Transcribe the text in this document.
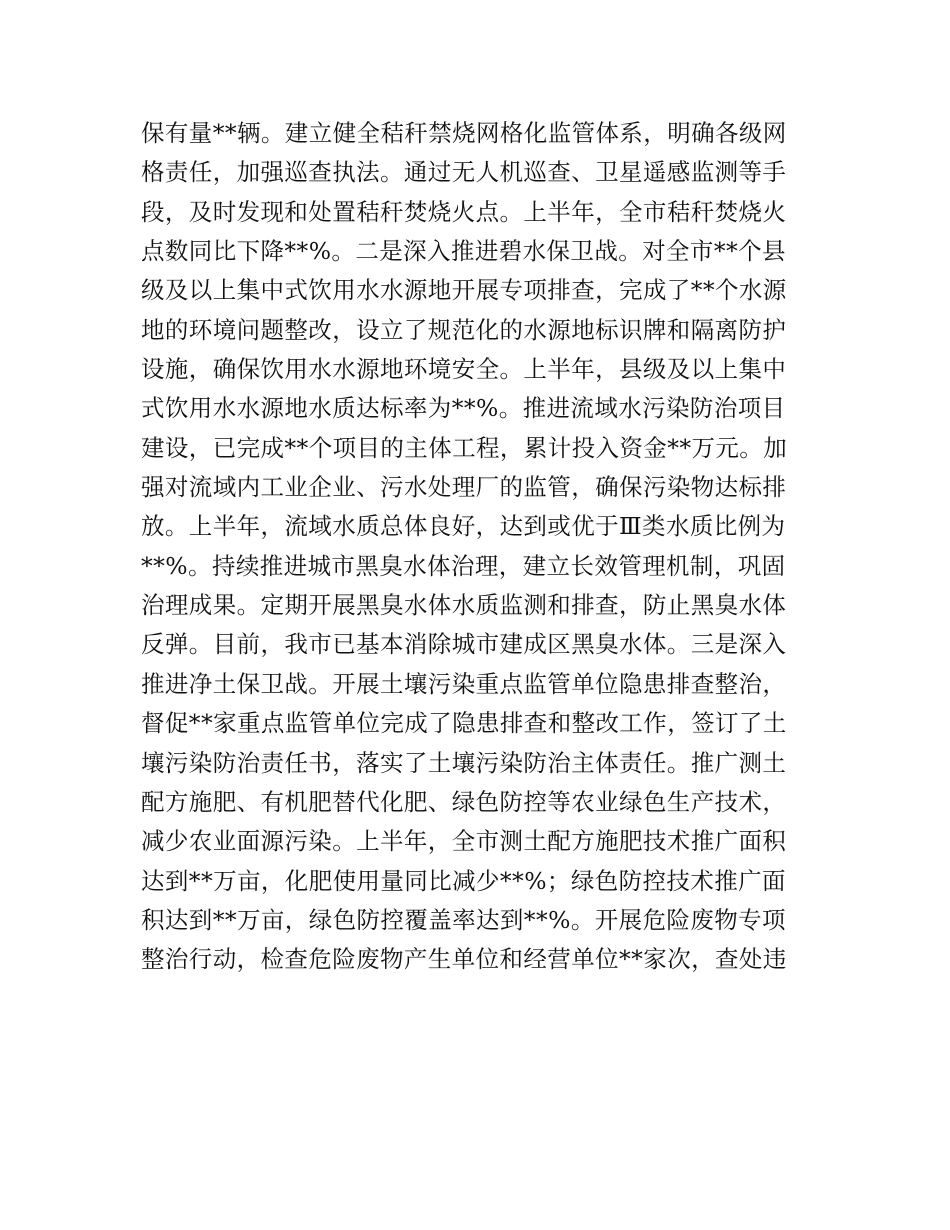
保有量**辆。建立健全秸秆禁烧网格化监管体系，明确各级网
格责任，加强巡查执法。通过无人机巡查、卫星遥感监测等手
段，及时发现和处置秸秆焚烧火点。上半年，全市秸秆焚烧火
点数同比下降**%。二是深入推进碧水保卫战。对全市**个县
级及以上集中式饮用水水源地开展专项排查，完成了**个水源
地的环境问题整改，设立了规范化的水源地标识牌和隔离防护
设施，确保饮用水水源地环境安全。上半年，县级及以上集中
式饮用水水源地水质达标率为**%。推进流域水污染防治项目
建设，已完成**个项目的主体工程，累计投入资金**万元。加
强对流域内工业企业、污水处理厂的监管，确保污染物达标排
放。上半年，流域水质总体良好，达到或优于Ⅲ类水质比例为
**%。持续推进城市黑臭水体治理，建立长效管理机制，巩固
治理成果。定期开展黑臭水体水质监测和排查，防止黑臭水体
反弹。目前，我市已基本消除城市建成区黑臭水体。三是深入
推进净土保卫战。开展土壤污染重点监管单位隐患排查整治，
督促**家重点监管单位完成了隐患排查和整改工作，签订了土
壤污染防治责任书，落实了土壤污染防治主体责任。推广测土
配方施肥、有机肥替代化肥、绿色防控等农业绿色生产技术，
减少农业面源污染。上半年，全市测土配方施肥技术推广面积
达到**万亩，化肥使用量同比减少**%；绿色防控技术推广面
积达到**万亩，绿色防控覆盖率达到**%。开展危险废物专项
整治行动，检查危险废物产生单位和经营单位**家次，查处违
